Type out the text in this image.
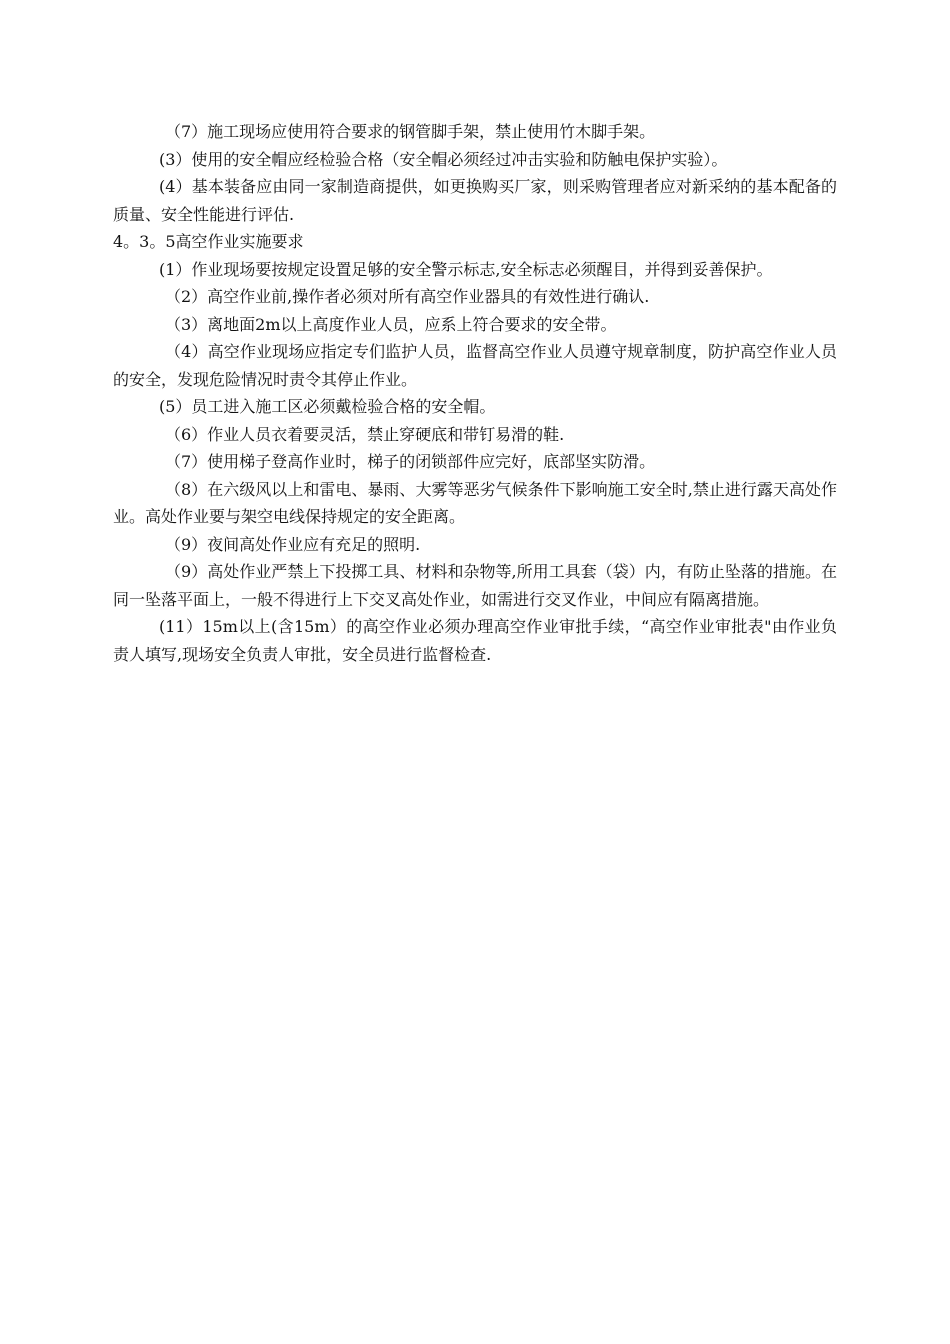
（7）施工现场应使用符合要求的钢管脚手架，禁止使用竹木脚手架。

(3）使用的安全帽应经检验合格（安全帽必须经过冲击实验和防触电保护实验）。

(4）基本装备应由同一家制造商提供，如更换购买厂家，则采购管理者应对新采纳的基本配备的质量、安全性能进行评估.

4。3。5高空作业实施要求

(1）作业现场要按规定设置足够的安全警示标志,安全标志必须醒目，并得到妥善保护。

（2）高空作业前,操作者必须对所有高空作业器具的有效性进行确认.

（3）离地面2m以上高度作业人员，应系上符合要求的安全带。

（4）高空作业现场应指定专们监护人员，监督高空作业人员遵守规章制度，防护高空作业人员的安全，发现危险情况时责令其停止作业。

(5）员工进入施工区必须戴检验合格的安全帽。

（6）作业人员衣着要灵活，禁止穿硬底和带钉易滑的鞋.

（7）使用梯子登高作业时，梯子的闭锁部件应完好，底部坚实防滑。

（8）在六级风以上和雷电、暴雨、大雾等恶劣气候条件下影响施工安全时,禁止进行露天高处作业。高处作业要与架空电线保持规定的安全距离。

（9）夜间高处作业应有充足的照明.

（9）高处作业严禁上下投掷工具、材料和杂物等,所用工具套（袋）内，有防止坠落的措施。在同一坠落平面上，一般不得进行上下交叉高处作业，如需进行交叉作业，中间应有隔离措施。

(11）15m以上(含15m）的高空作业必须办理高空作业审批手续，“高空作业审批表"由作业负责人填写,现场安全负责人审批，安全员进行监督检查.
